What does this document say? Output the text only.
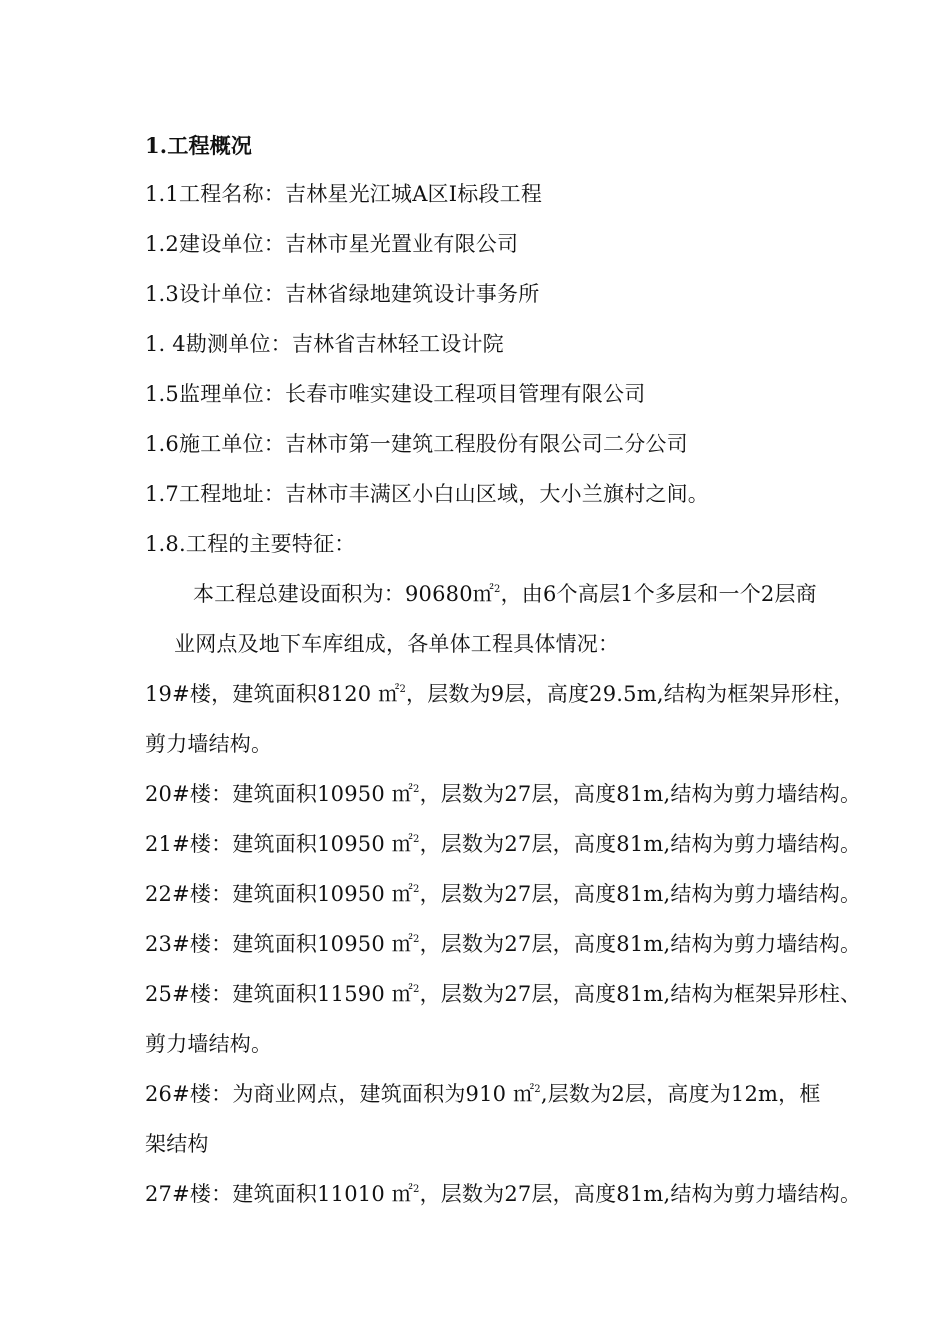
1.工程概况
1.1工程名称：吉林星光江城A区Ⅰ标段工程
1.2建设单位：吉林市星光置业有限公司
1.3设计单位：吉林省绿地建筑设计事务所
1. 4勘测单位：吉林省吉林轻工设计院
1.5监理单位：长春市唯实建设工程项目管理有限公司
1.6施工单位：吉林市第一建筑工程股份有限公司二分公司
1.7工程地址：吉林市丰满区小白山区域，大小兰旗村之间。
1.8.工程的主要特征：
本工程总建设面积为：90680㎡$^2$，由6个高层1个多层和一个2层商
业网点及地下车库组成，各单体工程具体情况：
19#楼，建筑面积8120 ㎡$^2$，层数为9层，高度29.5m,结构为框架异形柱，
剪力墙结构。
20#楼：建筑面积10950 ㎡$^2$，层数为27层，高度81m,结构为剪力墙结构。
21#楼：建筑面积10950 ㎡$^2$，层数为27层，高度81m,结构为剪力墙结构。
22#楼：建筑面积10950 ㎡$^2$，层数为27层，高度81m,结构为剪力墙结构。
23#楼：建筑面积10950 ㎡$^2$，层数为27层，高度81m,结构为剪力墙结构。
25#楼：建筑面积11590 ㎡$^2$，层数为27层，高度81m,结构为框架异形柱、
剪力墙结构。
26#楼：为商业网点，建筑面积为910 ㎡$^2$,层数为2层，高度为12m，框
架结构
27#楼：建筑面积11010 ㎡$^2$，层数为27层，高度81m,结构为剪力墙结构。
